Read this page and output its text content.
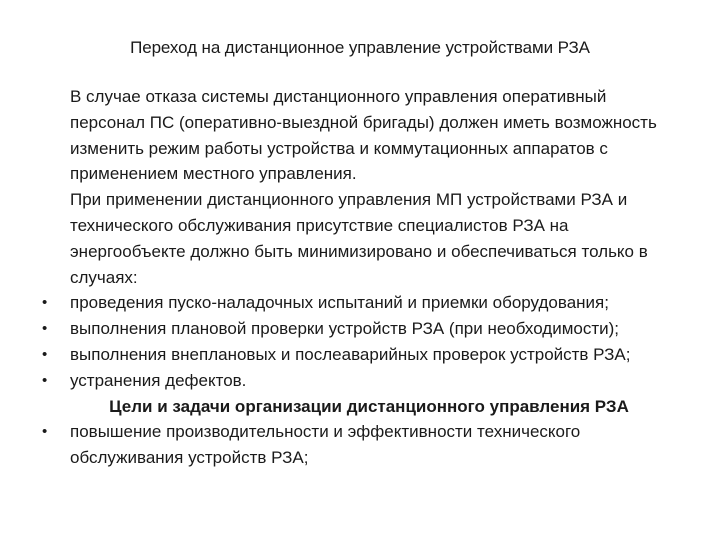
Переход на дистанционное управление устройствами РЗА

В случае отказа системы дистанционного управления оперативный персонал ПС (оперативно-выездной бригады) должен иметь возможность изменить режим работы устройства и коммутационных аппаратов с применением местного управления.

При применении дистанционного управления МП устройствами РЗА и технического обслуживания присутствие специалистов РЗА на энергообъекте должно быть минимизировано и обеспечиваться только в случаях:

• проведения пуско-наладочных испытаний и приемки оборудования;

• выполнения плановой проверки устройств РЗА (при необходимости);

• выполнения внеплановых и послеаварийных проверок устройств РЗА;

• устранения дефектов.

Цели и задачи организации дистанционного управления РЗА

• повышение производительности и эффективности технического обслуживания устройств РЗА;
